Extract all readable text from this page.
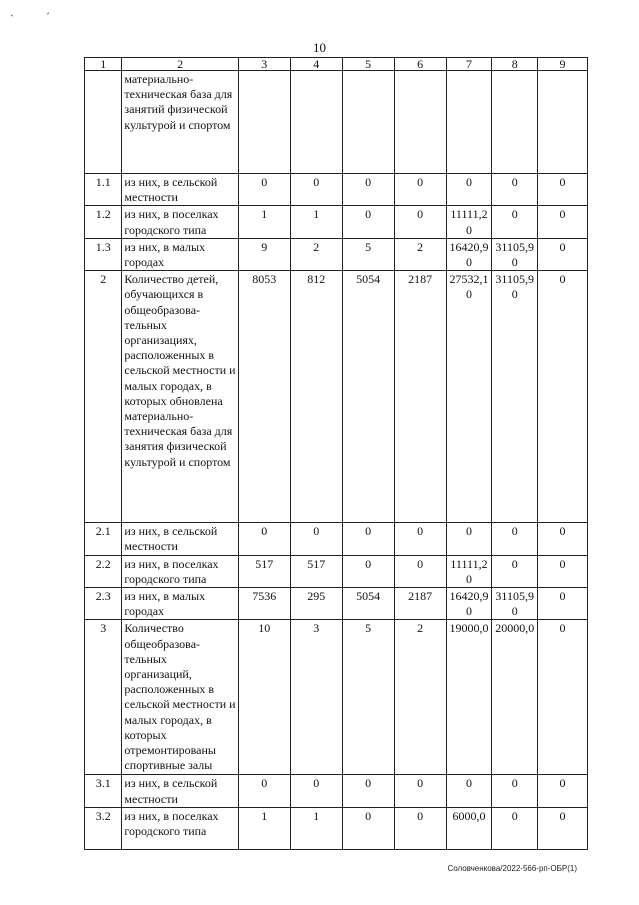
ˋ	ˊ
10
1	2	3	4	5	6	7	8	9
	материально-техническая база для занятий физической культурой и спортом	

1.1	из них, в сельской местности	0	0	0	0	0	0	0

1.2	из них, в поселках городского типа	1	1	0	0	11111,20	0	0

1.3	из них, в малых городах	9	2	5	2	16420,90	31105,90	0

2	Количество детей, обучающихся в общеобразова-тельных организациях, расположенных в сельской местности и малых городах, в которых обновлена материально-техническая база для занятия физической культурой и спортом	8053	812	5054	2187	27532,10	31105,90	0

2.1	из них, в сельской местности	0	0	0	0	0	0	0

2.2	из них, в поселках городского типа	517	517	0	0	11111,20	0	0

2.3	из них, в малых городах	7536	295	5054	2187	16420,90	31105,90	0

3	Количество общеобразова-тельных организаций, расположенных в сельской местности и малых городах, в которых отремонтированы спортивные залы	10	3	5	2	19000,0	20000,0	0

3.1	из них, в сельской местности	0	0	0	0	0	0	0

3.2	из них, в поселках городского типа	1	1	0	0	6000,0	0	0
Соловченкова/2022-566-рп-ОБР(1)
